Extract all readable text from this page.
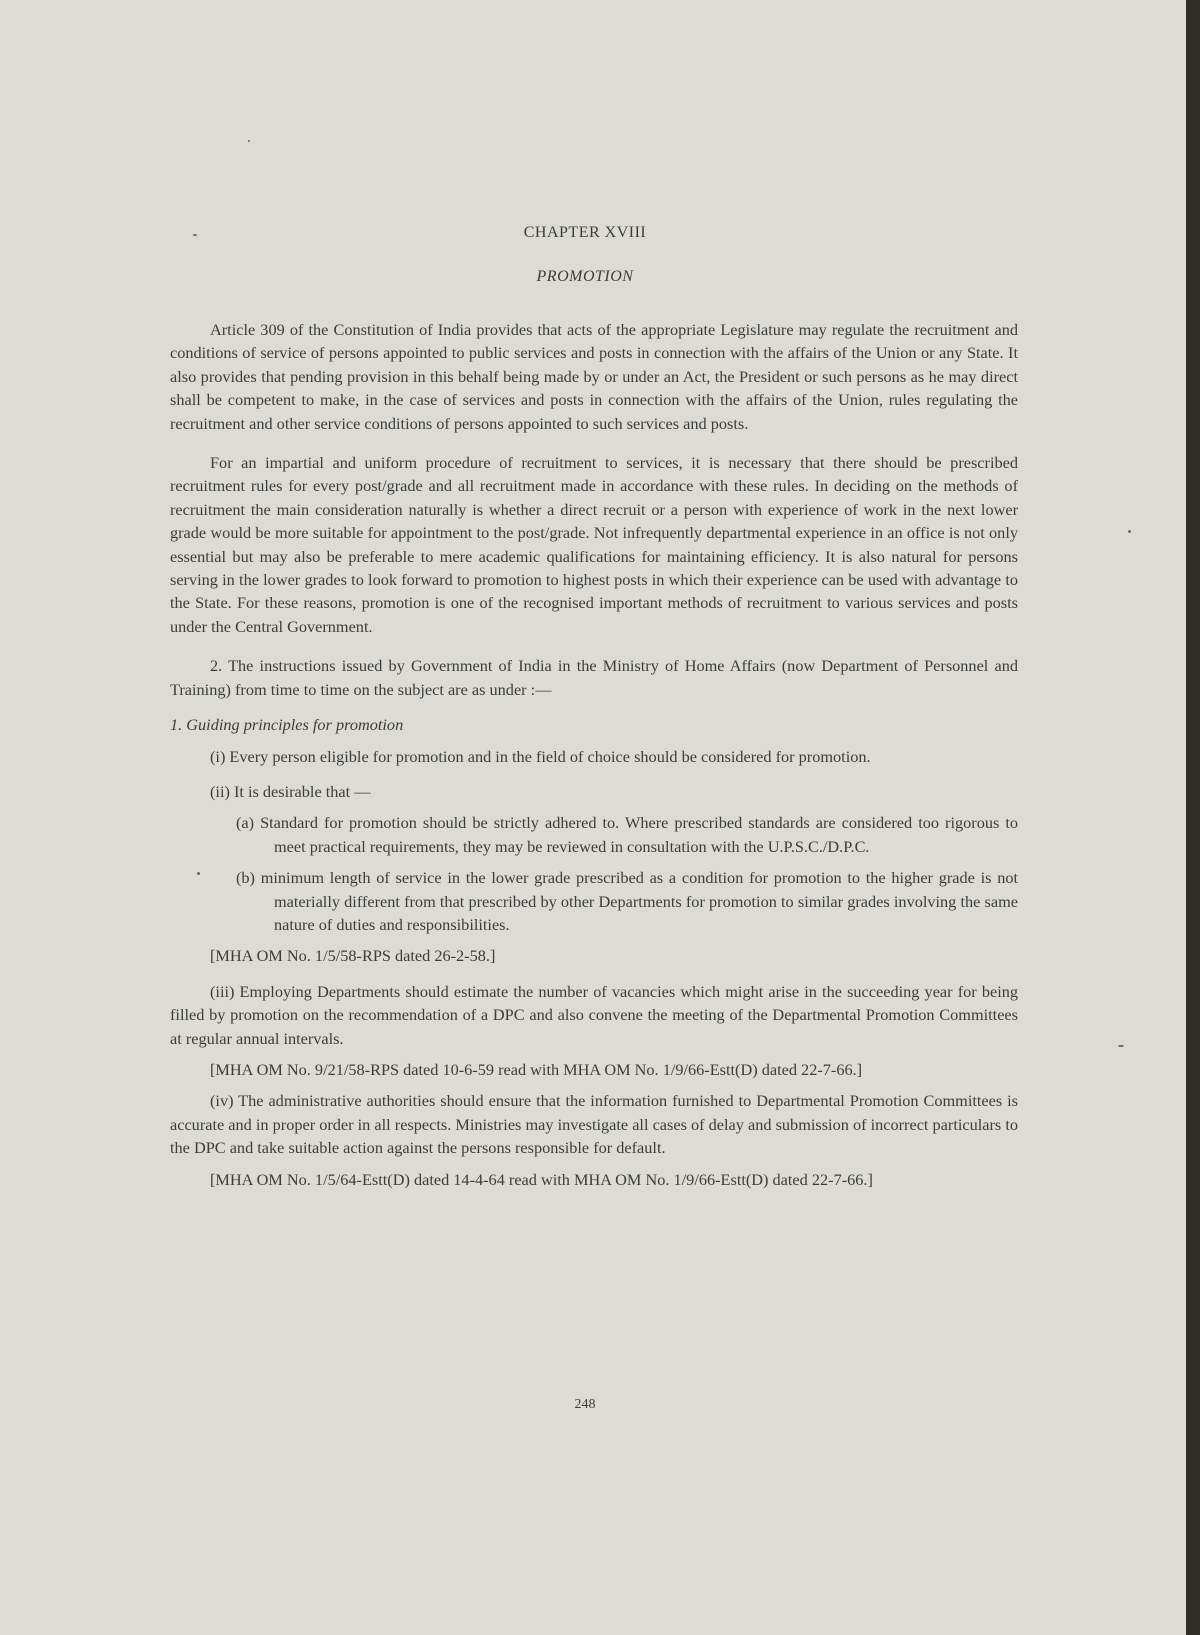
CHAPTER XVIII
PROMOTION

Article 309 of the Constitution of India provides that acts of the appropriate Legislature may regulate the recruitment and conditions of service of persons appointed to public services and posts in connection with the affairs of the Union or any State. It also provides that pending provision in this behalf being made by or under an Act, the President or such persons as he may direct shall be competent to make, in the case of services and posts in connection with the affairs of the Union, rules regulating the recruitment and other service conditions of persons appointed to such services and posts.

For an impartial and uniform procedure of recruitment to services, it is necessary that there should be prescribed recruitment rules for every post/grade and all recruitment made in accordance with these rules. In deciding on the methods of recruitment the main consideration naturally is whether a direct recruit or a person with experience of work in the next lower grade would be more suitable for appointment to the post/grade. Not infrequently departmental experience in an office is not only essential but may also be preferable to mere academic qualifications for maintaining efficiency. It is also natural for persons serving in the lower grades to look forward to promotion to highest posts in which their experience can be used with advantage to the State. For these reasons, promotion is one of the recognised important methods of recruitment to various services and posts under the Central Government.

2. The instructions issued by Government of India in the Ministry of Home Affairs (now Department of Personnel and Training) from time to time on the subject are as under :—

1. Guiding principles for promotion

(i) Every person eligible for promotion and in the field of choice should be considered for promotion.

(ii) It is desirable that —

(a) Standard for promotion should be strictly adhered to. Where prescribed standards are considered too rigorous to meet practical requirements, they may be reviewed in consultation with the U.P.S.C./D.P.C.

(b) minimum length of service in the lower grade prescribed as a condition for promotion to the higher grade is not materially different from that prescribed by other Departments for promotion to similar grades involving the same nature of duties and responsibilities.

[MHA OM No. 1/5/58-RPS dated 26-2-58.]

(iii) Employing Departments should estimate the number of vacancies which might arise in the succeeding year for being filled by promotion on the recommendation of a DPC and also convene the meeting of the Departmental Promotion Committees at regular annual intervals.

[MHA OM No. 9/21/58-RPS dated 10-6-59 read with MHA OM No. 1/9/66-Estt(D) dated 22-7-66.]

(iv) The administrative authorities should ensure that the information furnished to Departmental Promotion Committees is accurate and in proper order in all respects. Ministries may investigate all cases of delay and submission of incorrect particulars to the DPC and take suitable action against the persons responsible for default.

[MHA OM No. 1/5/64-Estt(D) dated 14-4-64 read with MHA OM No. 1/9/66-Estt(D) dated 22-7-66.]

248
